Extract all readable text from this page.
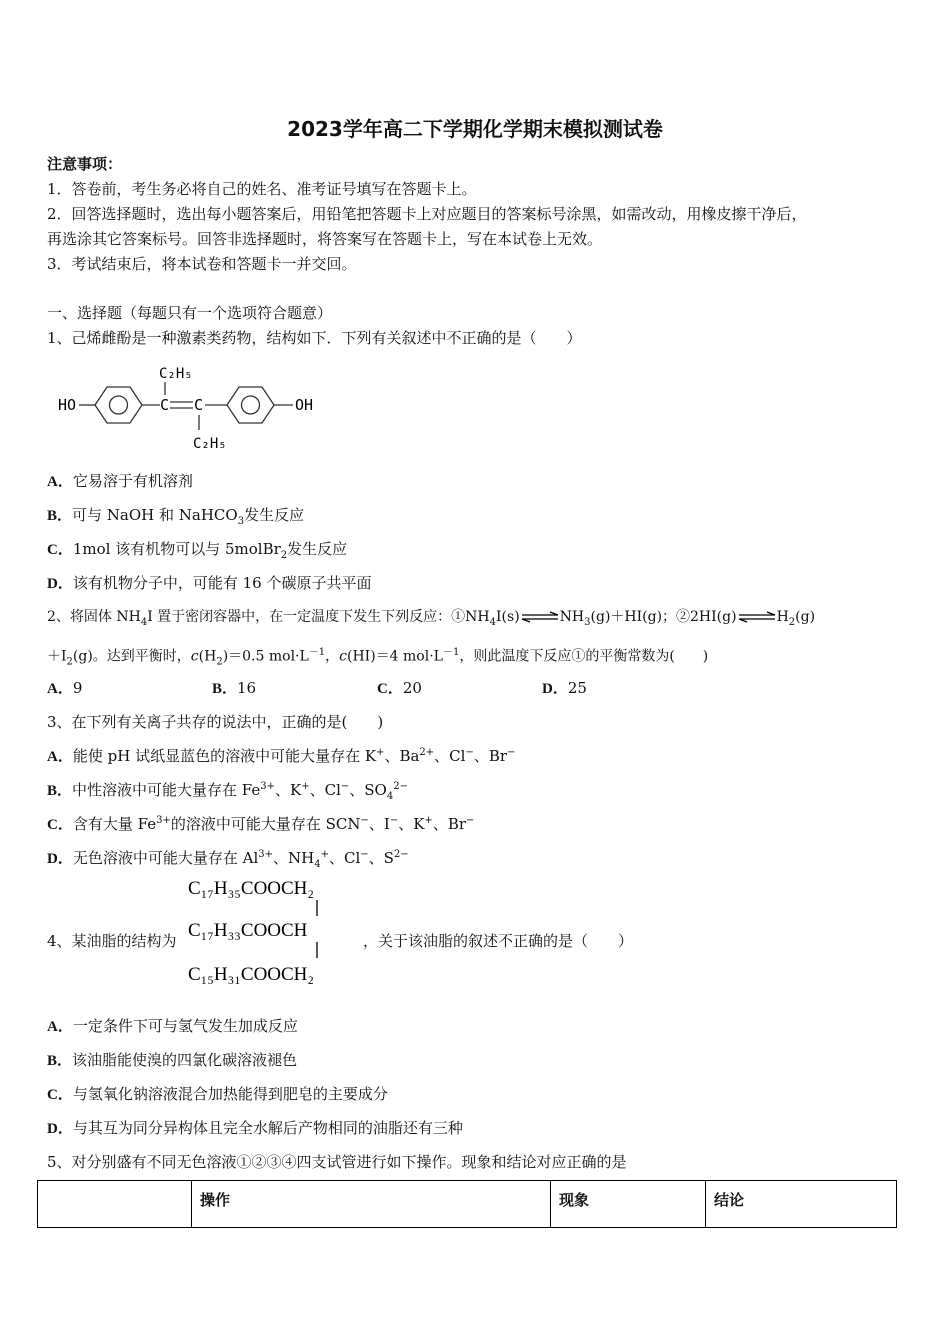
2023学年高二下学期化学期末模拟测试卷
注意事项：
1．答卷前，考生务必将自己的姓名、准考证号填写在答题卡上。
2．回答选择题时，选出每小题答案后，用铅笔把答题卡上对应题目的答案标号涂黑，如需改动，用橡皮擦干净后，
再选涂其它答案标号。回答非选择题时，将答案写在答题卡上，写在本试卷上无效。
3．考试结束后，将本试卷和答题卡一并交回。
一、选择题（每题只有一个选项符合题意）
1、己烯雌酚是一种激素类药物，结构如下．下列有关叙述中不正确的是（　　）
HO	C C
C₂H₅
C₂H₅
OH
A．它易溶于有机溶剂
B．可与 NaOH 和 NaHCO$_3$发生反应
C．1mol 该有机物可以与 5molBr$_2$发生反应
D．该有机物分子中，可能有 16 个碳原子共平面
2、将固体 $NH_4I$ 置于密闭容器中，在一定温度下发生下列反应：$①NH_4I(s)\rightleftharpoons NH_3(g)+HI(g)$；$②2HI(g)\rightleftharpoons H_2(g)$
$+I_2(g)$。达到平衡时，$c(H_2)=0.5$ $mol\cdot L^{-1}$，c(HI)＝4 $mol\cdot L^{-1}$，则此温度下反应①的平衡常数为(　　)
A．9	B．16	C．20	D．25
3、在下列有关离子共存的说法中，正确的是(　　)
A．能使 pH 试纸显蓝色的溶液中可能大量存在 K+、$Ba^{2+}$、Cl−、Br−
B．中性溶液中可能大量存在 $Fe^{3+}$、K+、Cl−、$SO_4^{2-}$
C．含有大量 $Fe^{3+}$的溶液中可能大量存在 SCN−、I−、K+、Br−
D．无色溶液中可能大量存在 $Al^{3+}$、$NH_4^+$、Cl−、$S^{2-}$
4、某油脂的结构为
C₁₇H₃₅COOCH₂
C₁₇H₃₃COOCH
C₁₅H₃₁COOCH₂
，关于该油脂的叙述不正确的是（　　）
A．一定条件下可与氢气发生加成反应
B．该油脂能使溴的四氯化碳溶液褪色
C．与氢氧化钠溶液混合加热能得到肥皂的主要成分
D．与其互为同分异构体且完全水解后产物相同的油脂还有三种
5、对分别盛有不同无色溶液①②③④四支试管进行如下操作。现象和结论对应正确的是
	操作	现象	结论
